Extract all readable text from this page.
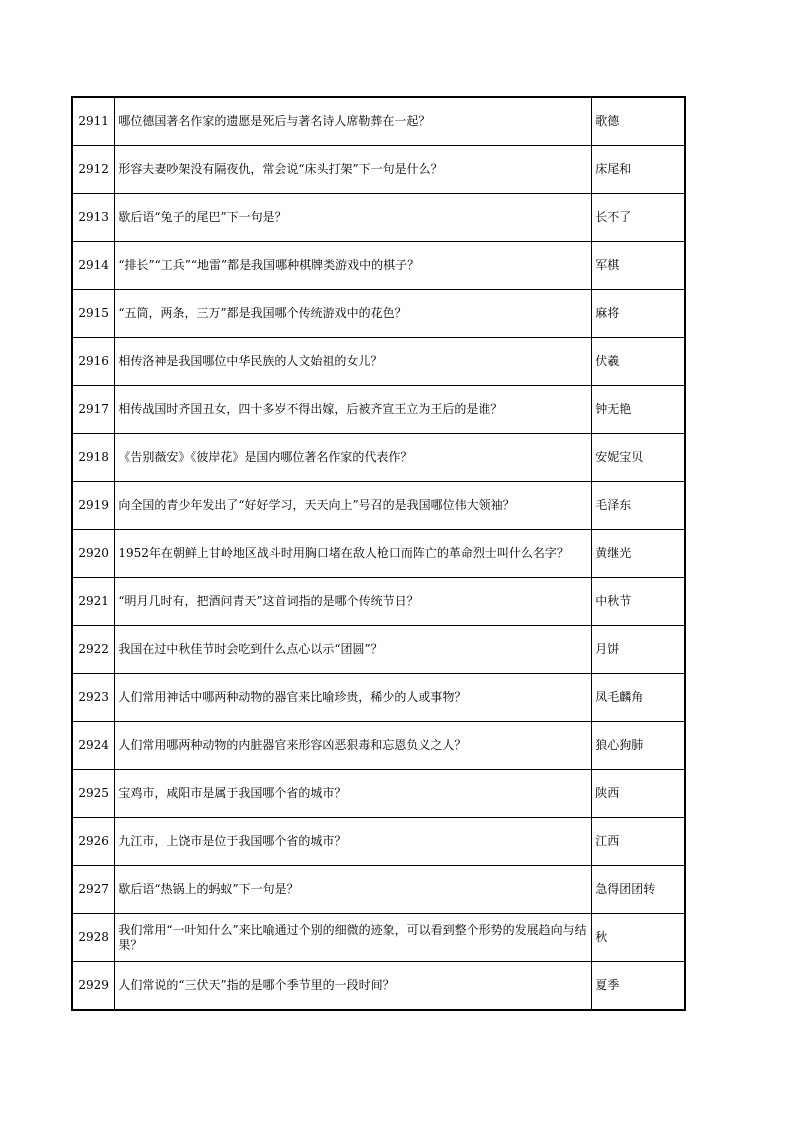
2911	哪位德国著名作家的遗愿是死后与著名诗人席勒葬在一起？	歌德
2912	形容夫妻吵架没有隔夜仇，常会说“床头打架”下一句是什么？	床尾和
2913	歇后语“兔子的尾巴”下一句是？	长不了
2914	“排长”“工兵”“地雷”都是我国哪种棋牌类游戏中的棋子？	军棋
2915	“五筒，两条，三万”都是我国哪个传统游戏中的花色？	麻将
2916	相传洛神是我国哪位中华民族的人文始祖的女儿？	伏羲
2917	相传战国时齐国丑女，四十多岁不得出嫁，后被齐宣王立为王后的是谁？	钟无艳
2918	《告别薇安》《彼岸花》是国内哪位著名作家的代表作？	安妮宝贝
2919	向全国的青少年发出了“好好学习，天天向上”号召的是我国哪位伟大领袖？	毛泽东
2920	1952年在朝鲜上甘岭地区战斗时用胸口堵在敌人枪口而阵亡的革命烈士叫什么名字？	黄继光
2921	“明月几时有，把酒问青天”这首词指的是哪个传统节日？	中秋节
2922	我国在过中秋佳节时会吃到什么点心以示“团圆”？	月饼
2923	人们常用神话中哪两种动物的器官来比喻珍贵，稀少的人或事物？	凤毛麟角
2924	人们常用哪两种动物的内脏器官来形容凶恶狠毒和忘恩负义之人？	狼心狗肺
2925	宝鸡市，咸阳市是属于我国哪个省的城市？	陕西
2926	九江市，上饶市是位于我国哪个省的城市？	江西
2927	歇后语“热锅上的蚂蚁”下一句是？	急得团团转
2928	我们常用“一叶知什么”来比喻通过个别的细微的迹象，可以看到整个形势的发展趋向与结果？	秋
2929	人们常说的“三伏天”指的是哪个季节里的一段时间？	夏季
